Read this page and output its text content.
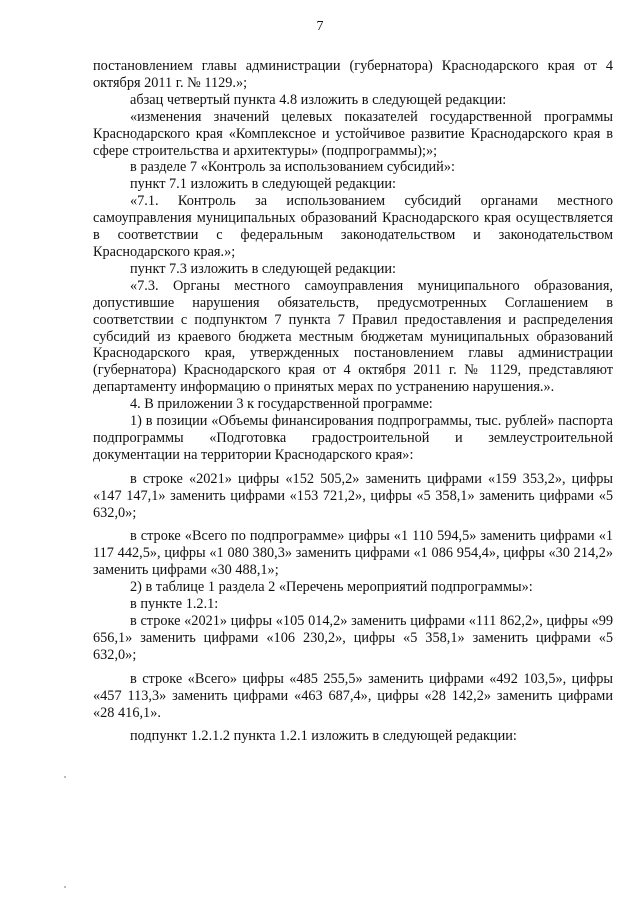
7

постановлением главы администрации (губернатора) Краснодарского края от 4 октября 2011 г. № 1129.»;

абзац четвертый пункта 4.8 изложить в следующей редакции:

«изменения значений целевых показателей государственной программы Краснодарского края «Комплексное и устойчивое развитие Краснодарского края в сфере строительства и архитектуры» (подпрограммы);»;

в разделе 7 «Контроль за использованием субсидий»:

пункт 7.1 изложить в следующей редакции:

«7.1. Контроль за использованием субсидий органами местного самоуправления муниципальных образований Краснодарского края осуществляется в соответствии с федеральным законодательством и законодательством Краснодарского края.»;

пункт 7.3 изложить в следующей редакции:

«7.3. Органы местного самоуправления муниципального образования, допустившие нарушения обязательств, предусмотренных Соглашением в соответствии с подпунктом 7 пункта 7 Правил предоставления и распределения субсидий из краевого бюджета местным бюджетам муниципальных образований Краснодарского края, утвержденных постановлением главы администрации (губернатора) Краснодарского края от 4 октября 2011 г. № 1129, представляют департаменту информацию о принятых мерах по устранению нарушения.».

4. В приложении 3 к государственной программе:

1) в позиции «Объемы финансирования подпрограммы, тыс. рублей» паспорта подпрограммы «Подготовка градостроительной и землеустроительной документации на территории Краснодарского края»:

в строке «2021» цифры «152 505,2» заменить цифрами «159 353,2», цифры «147 147,1» заменить цифрами «153 721,2», цифры «5 358,1» заменить цифрами «5 632,0»;

в строке «Всего по подпрограмме» цифры «1 110 594,5» заменить цифрами «1 117 442,5», цифры «1 080 380,3» заменить цифрами «1 086 954,4», цифры «30 214,2» заменить цифрами «30 488,1»;

2) в таблице 1 раздела 2 «Перечень мероприятий подпрограммы»:

в пункте 1.2.1:

в строке «2021» цифры «105 014,2» заменить цифрами «111 862,2», цифры «99 656,1» заменить цифрами «106 230,2», цифры «5 358,1» заменить цифрами «5 632,0»;

в строке «Всего» цифры «485 255,5» заменить цифрами «492 103,5», цифры «457 113,3» заменить цифрами «463 687,4», цифры «28 142,2» заменить цифрами «28 416,1».

подпункт 1.2.1.2 пункта 1.2.1 изложить в следующей редакции:
